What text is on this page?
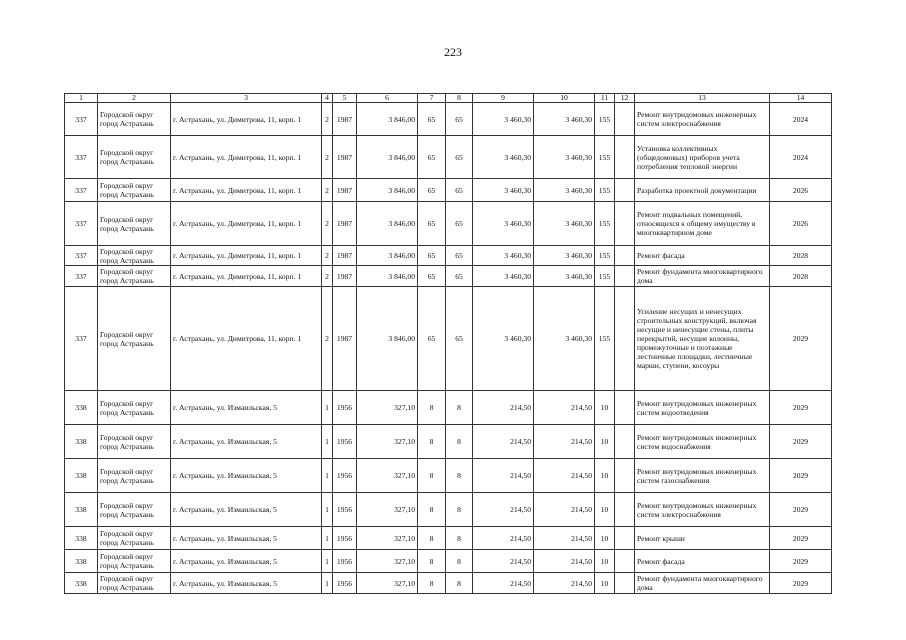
223
1	2	3	4	5	6	7	8	9	10	11	12	13	14
337	Городской округ город Астрахань	г. Астрахань, ул. Димитрова, 11, корп. 1	2	1987	3 846,00	65	65	3 460,30	3 460,30	155		Ремонт внутридомовых инженерных систем электроснабжения	2024
337	Городской округ город Астрахань	г. Астрахань, ул. Димитрова, 11, корп. 1	2	1987	3 846,00	65	65	3 460,30	3 460,30	155		Установка коллективных (общедомовых) приборов учета потребления тепловой энергии	2024
337	Городской округ город Астрахань	г. Астрахань, ул. Димитрова, 11, корп. 1	2	1987	3 846,00	65	65	3 460,30	3 460,30	155		Разработка проектной документации	2026
337	Городской округ город Астрахань	г. Астрахань, ул. Димитрова, 11, корп. 1	2	1987	3 846,00	65	65	3 460,30	3 460,30	155		Ремонт подвальных помещений, относящихся к общему имуществу в многоквартирном доме	2026
337	Городской округ город Астрахань	г. Астрахань, ул. Димитрова, 11, корп. 1	2	1987	3 846,00	65	65	3 460,30	3 460,30	155		Ремонт фасада	2028
337	Городской округ город Астрахань	г. Астрахань, ул. Димитрова, 11, корп. 1	2	1987	3 846,00	65	65	3 460,30	3 460,30	155		Ремонт фундамента многоквартирного дома	2028
337	Городской округ город Астрахань	г. Астрахань, ул. Димитрова, 11, корп. 1	2	1987	3 846,00	65	65	3 460,30	3 460,30	155		Усиление несущих и ненесущих строительных конструкций, включая несущие и ненесущие стены, плиты перекрытий, несущие колонны, промежуточные и поэтажные лестничные площадки, лестничные марши, ступени, косоуры	2029
338	Городской округ город Астрахань	г. Астрахань, ул. Измаильская, 5	1	1956	327,10	8	8	214,50	214,50	10		Ремонт внутридомовых инженерных систем водоотведения	2029
338	Городской округ город Астрахань	г. Астрахань, ул. Измаильская, 5	1	1956	327,10	8	8	214,50	214,50	10		Ремонт внутридомовых инженерных систем водоснабжения	2029
338	Городской округ город Астрахань	г. Астрахань, ул. Измаильская, 5	1	1956	327,10	8	8	214,50	214,50	10		Ремонт внутридомовых инженерных систем газоснабжения	2029
338	Городской округ город Астрахань	г. Астрахань, ул. Измаильская, 5	1	1956	327,10	8	8	214,50	214,50	10		Ремонт внутридомовых инженерных систем электроснабжения	2029
338	Городской округ город Астрахань	г. Астрахань, ул. Измаильская, 5	1	1956	327,10	8	8	214,50	214,50	10		Ремонт крыши	2029
338	Городской округ город Астрахань	г. Астрахань, ул. Измаильская, 5	1	1956	327,10	8	8	214,50	214,50	10		Ремонт фасада	2029
338	Городской округ город Астрахань	г. Астрахань, ул. Измаильская, 5	1	1956	327,10	8	8	214,50	214,50	10		Ремонт фундамента многоквартирного дома	2029
